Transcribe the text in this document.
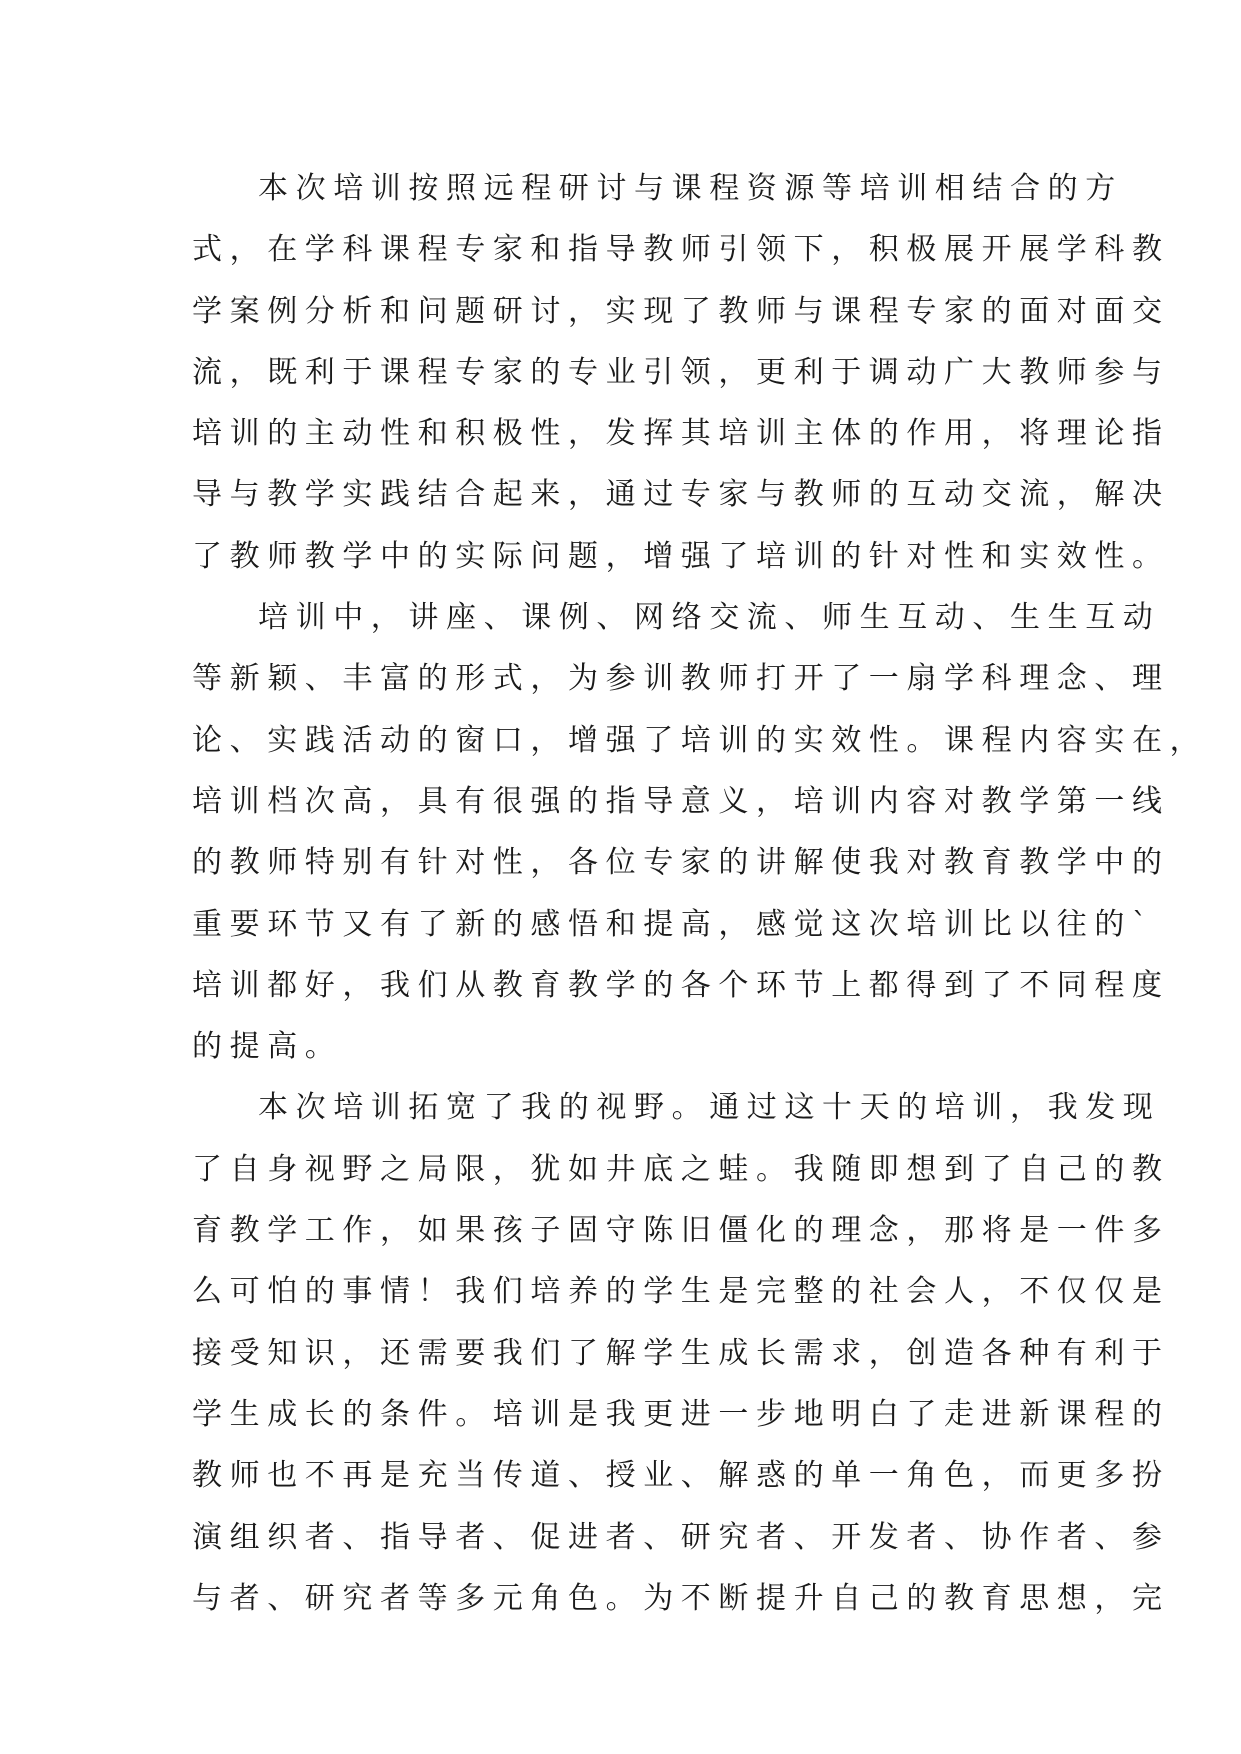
本次培训按照远程研讨与课程资源等培训相结合的方
式，在学科课程专家和指导教师引领下，积极展开展学科教
学案例分析和问题研讨，实现了教师与课程专家的面对面交
流，既利于课程专家的专业引领，更利于调动广大教师参与
培训的主动性和积极性，发挥其培训主体的作用，将理论指
导与教学实践结合起来，通过专家与教师的互动交流，解决
了教师教学中的实际问题，增强了培训的针对性和实效性。
培训中，讲座、课例、网络交流、师生互动、生生互动
等新颖、丰富的形式，为参训教师打开了一扇学科理念、理
论、实践活动的窗口，增强了培训的实效性。课程内容实在，
培训档次高，具有很强的指导意义，培训内容对教学第一线
的教师特别有针对性，各位专家的讲解使我对教育教学中的
重要环节又有了新的感悟和提高，感觉这次培训比以往的`
培训都好，我们从教育教学的各个环节上都得到了不同程度
的提高。
本次培训拓宽了我的视野。通过这十天的培训，我发现
了自身视野之局限，犹如井底之蛙。我随即想到了自己的教
育教学工作，如果孩子固守陈旧僵化的理念，那将是一件多
么可怕的事情！我们培养的学生是完整的社会人，不仅仅是
接受知识，还需要我们了解学生成长需求，创造各种有利于
学生成长的条件。培训是我更进一步地明白了走进新课程的
教师也不再是充当传道、授业、解惑的单一角色，而更多扮
演组织者、指导者、促进者、研究者、开发者、协作者、参
与者、研究者等多元角色。为不断提升自己的教育思想，完
